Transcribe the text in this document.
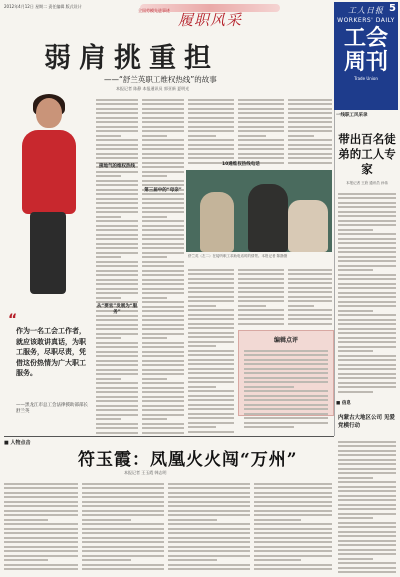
2012年4月12日 星期二 责任编辑 版式设计
全国劳模先进事迹
履职风采
5
工人日报
WORKERS' DAILY
工会周刊
Trade Union
弱肩挑重担
——“舒兰英职工维权热线”的故事
本报记者 陈静 本报通讯员 郭亚新 夏明光
“
作为一名工会工作者，就应该敢讲真话，为职工服务，尽职尽责，凭借这份热情为广大职工服务。
——黑龙江市总工会法律援助部部长舒兰英
接地气的维权热线
第三届中的“母亲”
从“要官”发展为“服务”
10通维权热线电话
舒兰英（左二）在接听职工求助电话时的情景。本报记者 陈静摄
编辑点评
一线职工风采录
带出百名徒弟的工人专家
本报记者 王欣 通讯员 孙伟
■ 信息
内蒙古大地区公司 见爱党模行动
■ 人物点击
符玉霞：凤凰火火闯“万州”
本报记者 王玉霞 韩志明
